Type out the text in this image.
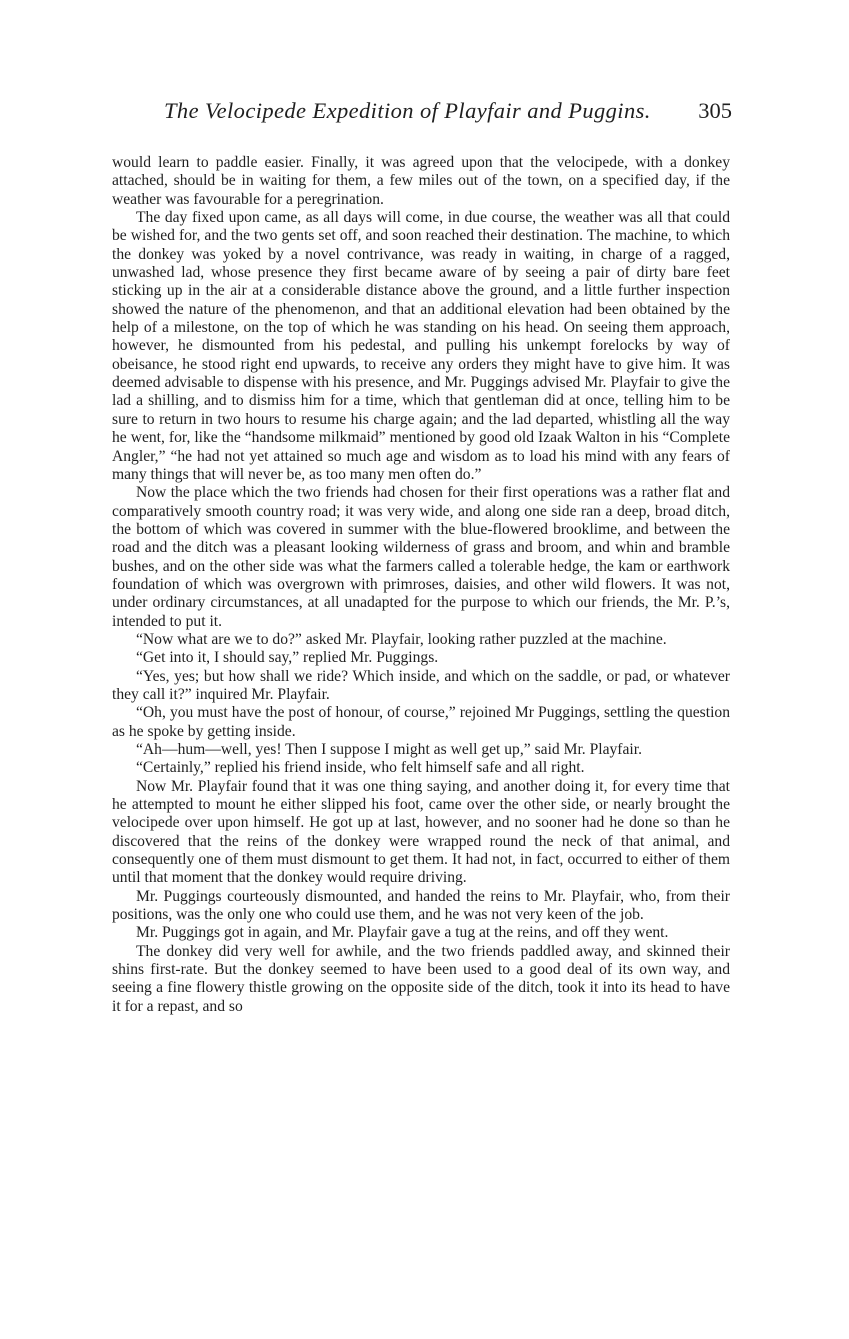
The Velocipede Expedition of Playfair and Puggins. 305

would learn to paddle easier. Finally, it was agreed upon that the velocipede, with a donkey attached, should be in waiting for them, a few miles out of the town, on a specified day, if the weather was favourable for a peregrination.

The day fixed upon came, as all days will come, in due course, the weather was all that could be wished for, and the two gents set off, and soon reached their destination. The machine, to which the donkey was yoked by a novel contrivance, was ready in waiting, in charge of a ragged, unwashed lad, whose presence they first became aware of by seeing a pair of dirty bare feet sticking up in the air at a considerable distance above the ground, and a little further inspection showed the nature of the phenomenon, and that an additional elevation had been obtained by the help of a milestone, on the top of which he was standing on his head. On seeing them approach, however, he dismounted from his pedestal, and pulling his unkempt forelocks by way of obeisance, he stood right end upwards, to receive any orders they might have to give him. It was deemed advisable to dispense with his presence, and Mr. Puggings advised Mr. Playfair to give the lad a shilling, and to dismiss him for a time, which that gentleman did at once, telling him to be sure to return in two hours to resume his charge again; and the lad departed, whistling all the way he went, for, like the “handsome milkmaid” mentioned by good old Izaak Walton in his “Complete Angler,” “he had not yet attained so much age and wisdom as to load his mind with any fears of many things that will never be, as too many men often do.”

Now the place which the two friends had chosen for their first operations was a rather flat and comparatively smooth country road; it was very wide, and along one side ran a deep, broad ditch, the bottom of which was covered in summer with the blue-flowered brooklime, and between the road and the ditch was a pleasant looking wilderness of grass and broom, and whin and bramble bushes, and on the other side was what the farmers called a tolerable hedge, the kam or earthwork foundation of which was overgrown with primroses, daisies, and other wild flowers. It was not, under ordinary circumstances, at all unadapted for the purpose to which our friends, the Mr. P.’s, intended to put it.

“Now what are we to do?” asked Mr. Playfair, looking rather puzzled at the machine.

“Get into it, I should say,” replied Mr. Puggings.

“Yes, yes; but how shall we ride? Which inside, and which on the saddle, or pad, or whatever they call it?” inquired Mr. Playfair.

“Oh, you must have the post of honour, of course,” rejoined Mr Puggings, settling the question as he spoke by getting inside.

“Ah—hum—well, yes! Then I suppose I might as well get up,” said Mr. Playfair.

“Certainly,” replied his friend inside, who felt himself safe and all right.

Now Mr. Playfair found that it was one thing saying, and another doing it, for every time that he attempted to mount he either slipped his foot, came over the other side, or nearly brought the velocipede over upon himself. He got up at last, however, and no sooner had he done so than he discovered that the reins of the donkey were wrapped round the neck of that animal, and consequently one of them must dismount to get them. It had not, in fact, occurred to either of them until that moment that the donkey would require driving.

Mr. Puggings courteously dismounted, and handed the reins to Mr. Playfair, who, from their positions, was the only one who could use them, and he was not very keen of the job.

Mr. Puggings got in again, and Mr. Playfair gave a tug at the reins, and off they went.

The donkey did very well for awhile, and the two friends paddled away, and skinned their shins first-rate. But the donkey seemed to have been used to a good deal of its own way, and seeing a fine flowery thistle growing on the opposite side of the ditch, took it into its head to have it for a repast, and so
